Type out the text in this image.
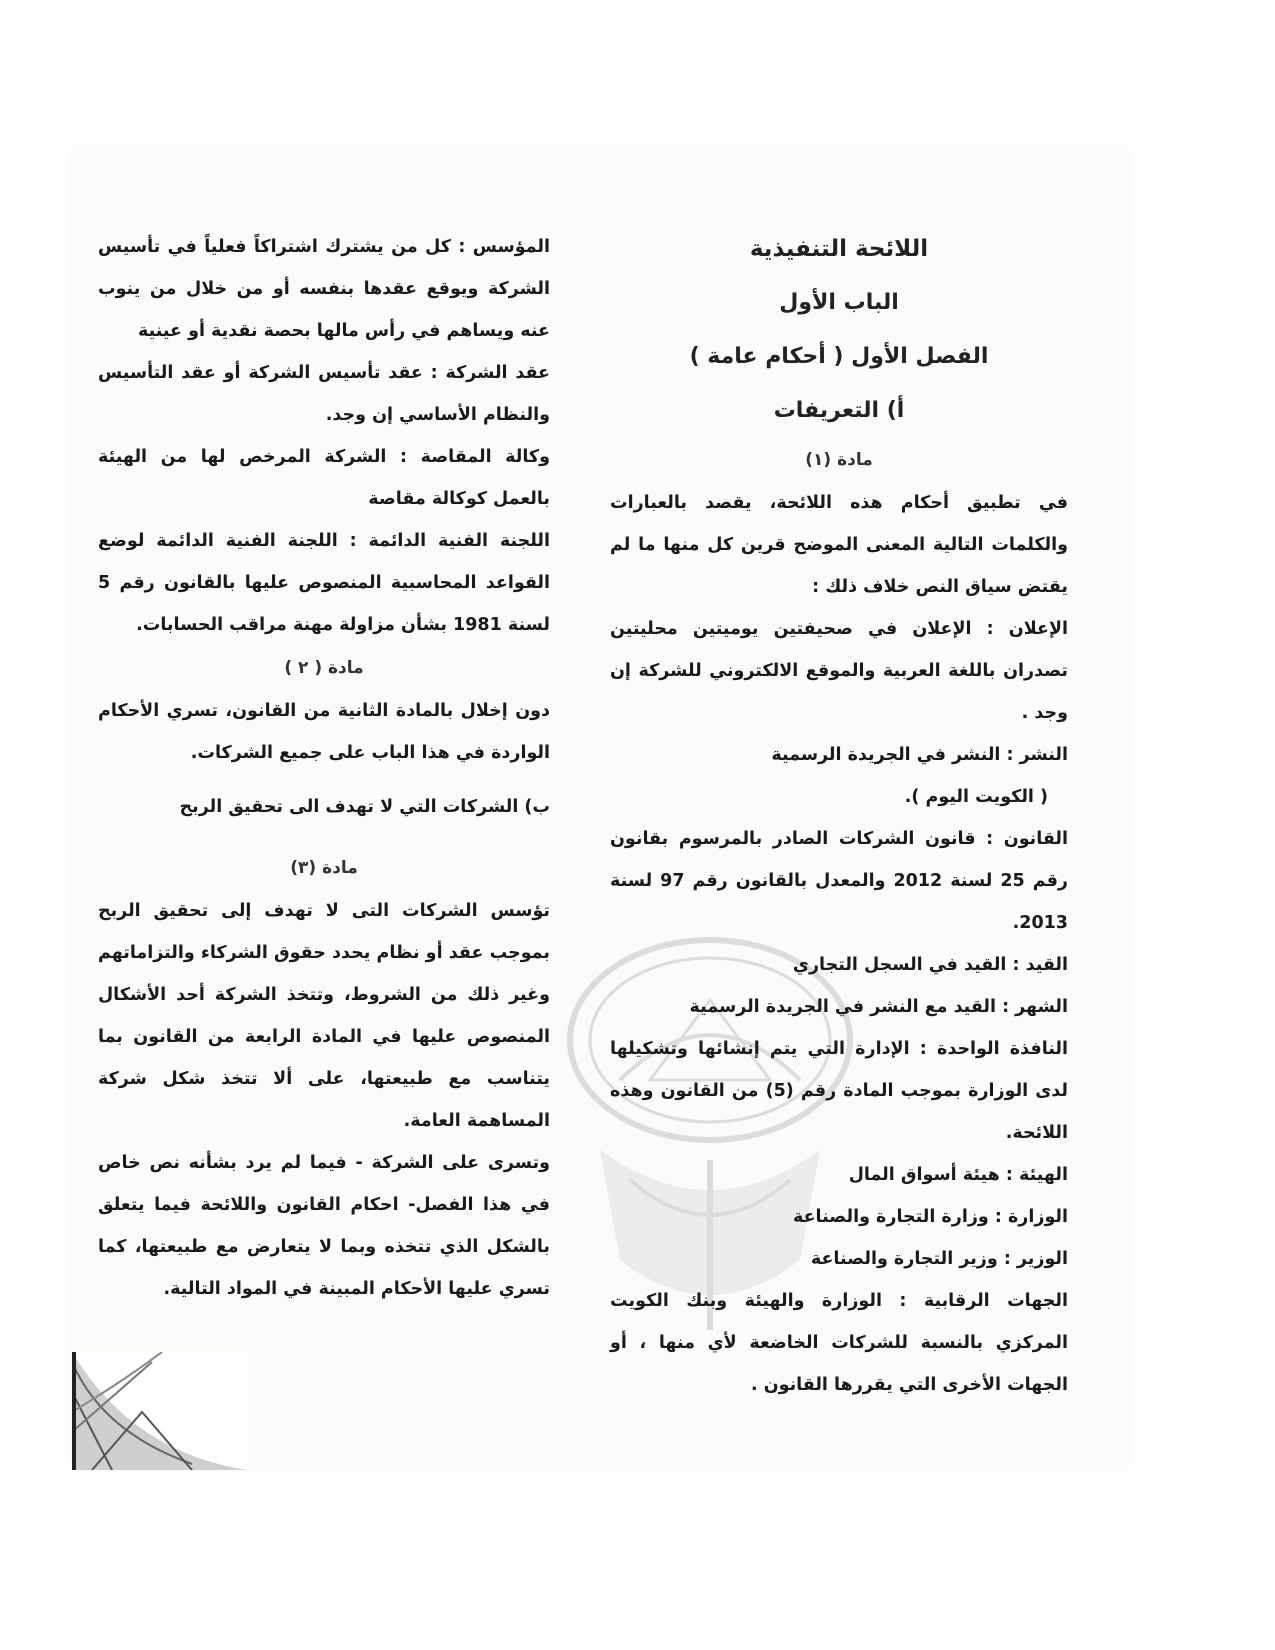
اللائحة التنفيذية

الباب الأول

الفصل الأول ( أحكام عامة )

أ) التعريفات

مادة (١)

في تطبيق أحكام هذه اللائحة، يقصد بالعبارات والكلمات التالية المعنى الموضح قرين كل منها ما لم يقتض سياق النص خلاف ذلك :

الإعلان : الإعلان في صحيفتين يوميتين محليتين تصدران باللغة العربية والموقع الالكتروني للشركة إن وجد .

النشر : النشر في الجريدة الرسمية

( الكويت اليوم ).

القانون : قانون الشركات الصادر بالمرسوم بقانون رقم 25 لسنة 2012 والمعدل بالقانون رقم 97 لسنة 2013.

القيد : القيد في السجل التجاري

الشهر : القيد مع النشر في الجريدة الرسمية

النافذة الواحدة : الإدارة التي يتم إنشائها وتشكيلها لدى الوزارة بموجب المادة رقم (5) من القانون وهذه اللائحة.

الهيئة : هيئة أسواق المال

الوزارة : وزارة التجارة والصناعة

الوزير : وزير التجارة والصناعة

الجهات الرقابية : الوزارة والهيئة وبنك الكويت المركزي بالنسبة للشركات الخاضعة لأي منها ، أو الجهات الأخرى التي يقررها القانون .

المؤسس : كل من يشترك اشتراكاً فعلياً في تأسيس الشركة ويوقع عقدها بنفسه أو من خلال من ينوب عنه ويساهم في رأس مالها بحصة نقدية أو عينية

عقد الشركة : عقد تأسيس الشركة أو عقد التأسيس والنظام الأساسي إن وجد.

وكالة المقاصة : الشركة المرخص لها من الهيئة بالعمل كوكالة مقاصة

اللجنة الفنية الدائمة : اللجنة الفنية الدائمة لوضع القواعد المحاسبية المنصوص عليها بالقانون رقم 5 لسنة 1981 بشأن مزاولة مهنة مراقب الحسابات.

مادة ( ٢ )

دون إخلال بالمادة الثانية من القانون، تسري الأحكام الواردة في هذا الباب على جميع الشركات.

ب) الشركات التي لا تهدف الى تحقيق الربح

مادة (٣)

تؤسس الشركات التى لا تهدف إلى تحقيق الربح بموجب عقد أو نظام يحدد حقوق الشركاء والتزاماتهم وغير ذلك من الشروط، وتتخذ الشركة أحد الأشكال المنصوص عليها في المادة الرابعة من القانون بما يتناسب مع طبيعتها، على ألا تتخذ شكل شركة المساهمة العامة.

وتسرى على الشركة - فيما لم يرد بشأنه نص خاص في هذا الفصل- احكام القانون واللائحة فيما يتعلق بالشكل الذي تتخذه وبما لا يتعارض مع طبيعتها، كما تسري عليها الأحكام المبينة في المواد التالية.
